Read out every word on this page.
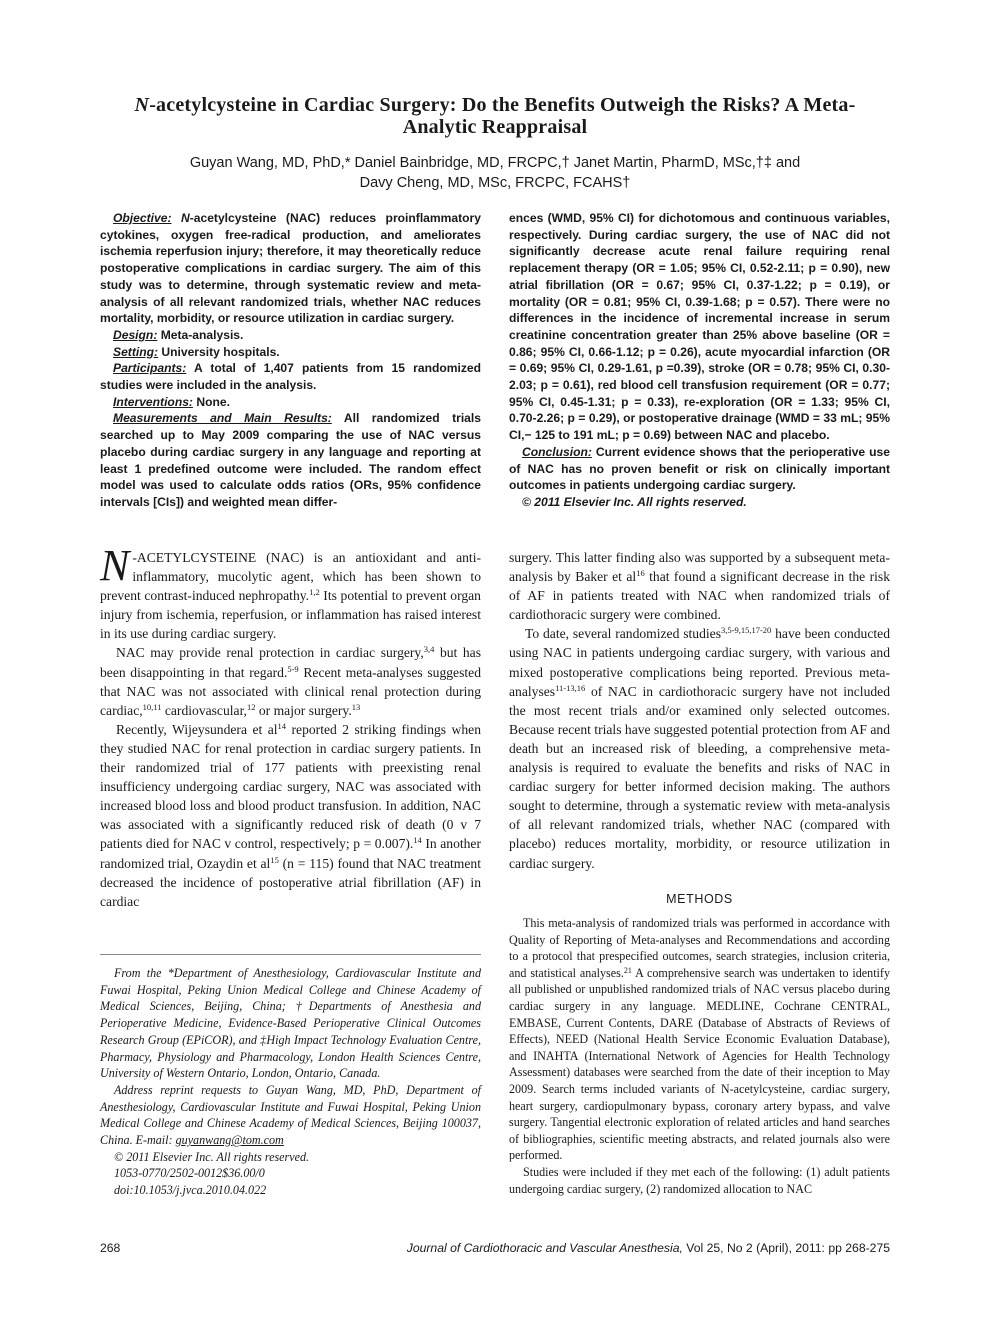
N-acetylcysteine in Cardiac Surgery: Do the Benefits Outweigh the Risks? A Meta-Analytic Reappraisal
Guyan Wang, MD, PhD,* Daniel Bainbridge, MD, FRCPC,† Janet Martin, PharmD, MSc,†‡ and
Davy Cheng, MD, MSc, FRCPC, FCAHS†

Objective: N-acetylcysteine (NAC) reduces proinflammatory cytokines, oxygen free-radical production, and ameliorates ischemia reperfusion injury; therefore, it may theoretically reduce postoperative complications in cardiac surgery. The aim of this study was to determine, through systematic review and meta-analysis of all relevant randomized trials, whether NAC reduces mortality, morbidity, or resource utilization in cardiac surgery.

Design: Meta-analysis.

Setting: University hospitals.

Participants: A total of 1,407 patients from 15 randomized studies were included in the analysis.

Interventions: None.

Measurements and Main Results: All randomized trials searched up to May 2009 comparing the use of NAC versus placebo during cardiac surgery in any language and reporting at least 1 predefined outcome were included. The random effect model was used to calculate odds ratios (ORs, 95% confidence intervals [CIs]) and weighted mean differ-

ences (WMD, 95% CI) for dichotomous and continuous variables, respectively. During cardiac surgery, the use of NAC did not significantly decrease acute renal failure requiring renal replacement therapy (OR = 1.05; 95% CI, 0.52-2.11; p = 0.90), new atrial fibrillation (OR = 0.67; 95% CI, 0.37-1.22; p = 0.19), or mortality (OR = 0.81; 95% CI, 0.39-1.68; p = 0.57). There were no differences in the incidence of incremental increase in serum creatinine concentration greater than 25% above baseline (OR = 0.86; 95% CI, 0.66-1.12; p = 0.26), acute myocardial infarction (OR = 0.69; 95% CI, 0.29-1.61, p =0.39), stroke (OR = 0.78; 95% CI, 0.30-2.03; p = 0.61), red blood cell transfusion requirement (OR = 0.77; 95% CI, 0.45-1.31; p = 0.33), re-exploration (OR = 1.33; 95% CI, 0.70-2.26; p = 0.29), or postoperative drainage (WMD = 33 mL; 95% CI,− 125 to 191 mL; p = 0.69) between NAC and placebo.

Conclusion: Current evidence shows that the perioperative use of NAC has no proven benefit or risk on clinically important outcomes in patients undergoing cardiac surgery.

© 2011 Elsevier Inc. All rights reserved.

N -ACETYLCYSTEINE (NAC) is an antioxidant and anti-inflammatory, mucolytic agent, which has been shown to prevent contrast-induced nephropathy.$^{1,2}$ Its potential to prevent organ injury from ischemia, reperfusion, or inflammation has raised interest in its use during cardiac surgery.

NAC may provide renal protection in cardiac surgery,$^{3,4}$ but has been disappointing in that regard.$^{5-9}$ Recent meta-analyses suggested that NAC was not associated with clinical renal protection during cardiac,$^{10,11}$ cardiovascular,$^{12}$ or major surgery.$^{13}$

Recently, Wijeysundera et $al^{14}$ reported 2 striking findings when they studied NAC for renal protection in cardiac surgery patients. In their randomized trial of 177 patients with preexisting renal insufficiency undergoing cardiac surgery, NAC was associated with increased blood loss and blood product transfusion. In addition, NAC was associated with a significantly reduced risk of death (0 v 7 patients died for NAC v control, respectively; p = 0.007).$^{14}$ In another randomized trial, Ozaydin et $al^{15}$ (n = 115) found that NAC treatment decreased the incidence of postoperative atrial fibrillation (AF) in cardiac

surgery. This latter finding also was supported by a subsequent meta-analysis by Baker et $al^{16}$ that found a significant decrease in the risk of AF in patients treated with NAC when randomized trials of cardiothoracic surgery were combined.

To date, several randomized studies$^{3,5-9,15,17-20}$ have been conducted using NAC in patients undergoing cardiac surgery, with various and mixed postoperative complications being reported. Previous meta-analyses$^{11-13,16}$ of NAC in cardiothoracic surgery have not included the most recent trials and/or examined only selected outcomes. Because recent trials have suggested potential protection from AF and death but an increased risk of bleeding, a comprehensive meta-analysis is required to evaluate the benefits and risks of NAC in cardiac surgery for better informed decision making. The authors sought to determine, through a systematic review with meta-analysis of all relevant randomized trials, whether NAC (compared with placebo) reduces mortality, morbidity, or resource utilization in cardiac surgery.

METHODS

This meta-analysis of randomized trials was performed in accordance with Quality of Reporting of Meta-analyses and Recommendations and according to a protocol that prespecified outcomes, search strategies, inclusion criteria, and statistical analyses.$^{21}$ A comprehensive search was undertaken to identify all published or unpublished randomized trials of NAC versus placebo during cardiac surgery in any language. MEDLINE, Cochrane CENTRAL, EMBASE, Current Contents, DARE (Database of Abstracts of Reviews of Effects), NEED (National Health Service Economic Evaluation Database), and INAHTA (International Network of Agencies for Health Technology Assessment) databases were searched from the date of their inception to May 2009. Search terms included variants of N-acetylcysteine, cardiac surgery, heart surgery, cardiopulmonary bypass, coronary artery bypass, and valve surgery. Tangential electronic exploration of related articles and hand searches of bibliographies, scientific meeting abstracts, and related journals also were performed.

Studies were included if they met each of the following: (1) adult patients undergoing cardiac surgery, (2) randomized allocation to NAC

From the *Department of Anesthesiology, Cardiovascular Institute and Fuwai Hospital, Peking Union Medical College and Chinese Academy of Medical Sciences, Beijing, China; †Departments of Anesthesia and Perioperative Medicine, Evidence-Based Perioperative Clinical Outcomes Research Group (EPiCOR), and ‡High Impact Technology Evaluation Centre, Pharmacy, Physiology and Pharmacology, London Health Sciences Centre, University of Western Ontario, London, Ontario, Canada.

Address reprint requests to Guyan Wang, MD, PhD, Department of Anesthesiology, Cardiovascular Institute and Fuwai Hospital, Peking Union Medical College and Chinese Academy of Medical Sciences, Beijing 100037, China. E-mail: guyanwang@tom.com

© 2011 Elsevier Inc. All rights reserved.
1053-0770/2502-0012$36.00/0
doi:10.1053/j.jvca.2010.04.022
268	Journal of Cardiothoracic and Vascular Anesthesia, Vol 25, No 2 (April), 2011: pp 268-275
